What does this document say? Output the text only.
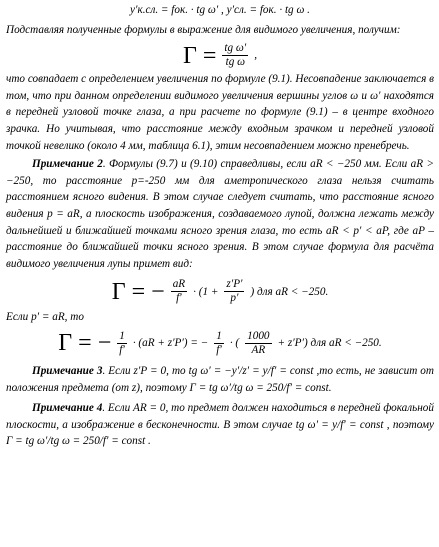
y′к.сл. = fок. · tg ω′ , y′сл. = fок. · tg ω .

Подставляя полученные формулы в выражение для видимого увеличения, получим:

$\Gamma = \frac{\text{tg ω′}}{\text{tg ω}}$ ,

что совпадает с определением увеличения по формуле (9.1). Несовпадение заключается в том, что при данном определении видимого увеличения вершины углов ω и ω′ находятся в передней узловой точке глаза, а при расчете по формуле (9.1) – в центре входного зрачка. Но учитывая, что расстояние между входным зрачком и передней узловой точкой невелико (около 4 мм, таблица 6.1), этим несовпадением можно пренебречь.

Примечание 2. Формулы (9.7) и (9.10) справедливы, если aR < −250 мм. Если aR > −250, то расстояние p=-250 мм для аметропического глаза нельзя считать расстоянием ясного видения. В этом случае следует считать, что расстояние ясного видения p = aR, а плоскость изображения, создаваемого лупой, должна лежать между дальнейшей и ближайшей точками ясного зрения глаза, то есть aR < p′ < aP, где aP – расстояние до ближайшей точки ясного зрения. В этом случае формула для расчёта видимого увеличения лупы примет вид:

Γ = − $\frac{aR}{f'} \cdot (1 + \frac{z'P'}{p'}$ ) для aR < −250.

Если p′ = aR, то

Γ = − $\frac{1}{f'} \cdot (aR + z'P')$ = − $\frac{1}{f'}$ · ( $\frac{1000}{AR} + z'P'$) для aR < −250.

Примечание 3. Если z′P = 0, то tg ω′ = −y′/z′ = y/f′ = const ,то есть, не зависит от положения предмета (от z), поэтому Γ = tg ω′/tg ω = 250/f′ = const.

Примечание 4. Если AR = 0, то предмет должен находиться в передней фокальной плоскости, а изображение в бесконечности. В этом случае tg ω′ = y/f′ = const , поэтому Γ = tg ω′/tg ω = 250/f′ = const .
